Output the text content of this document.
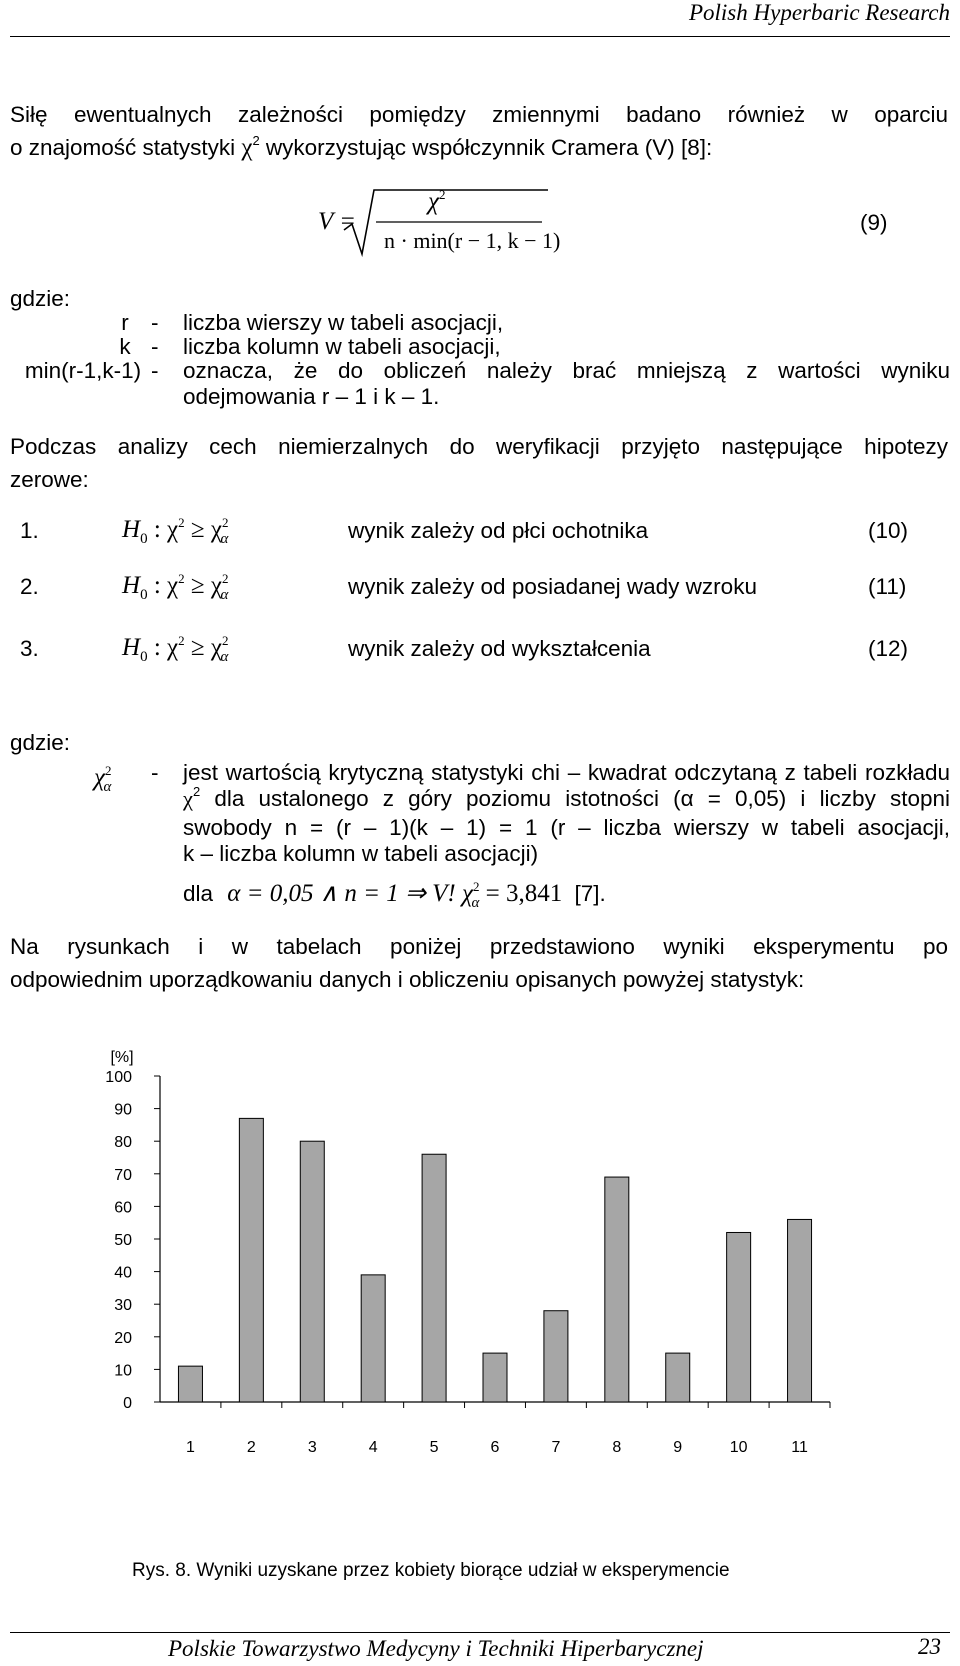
Polish Hyperbaric Research
Siłę ewentualnych zależności pomiędzy zmiennymi badano również w oparciu
o znajomość statystyki $\chi^2$ wykorzystując współczynnik Cramera (V) [8]:
V =
$\chi^2$
n · min(r − 1, k − 1)
(9)
gdzie:
r - liczba wierszy w tabeli asocjacji,
k - liczba kolumn w tabeli asocjacji,
min(r-1,k-1) - oznacza, że do obliczeń należy brać mniejszą z wartości wyniku
odejmowania r – 1 i k – 1.
Podczas analizy cech niemierzalnych do weryfikacji przyjęto następujące hipotezy
zerowe:
1.	$H_0$ : $\chi^2 \ge \chi^2_\alpha$	wynik zależy od płci ochotnika	(10)
2.	$H_0$ : $\chi^2 \ge \chi^2_\alpha$	wynik zależy od posiadanej wady wzroku	(11)
3.	$H_0$ : $\chi^2 \ge \chi^2_\alpha$	wynik zależy od wykształcenia	(12)
gdzie:
$\chi^2_\alpha$
- jest wartością krytyczną statystyki chi – kwadrat odczytaną z tabeli rozkładu
$\chi^2$ dla ustalonego z góry poziomu istotności (α = 0,05) i liczby stopni
swobody n = (r – 1)(k – 1) = 1 (r – liczba wierszy w tabeli asocjacji,
k – liczba kolumn w tabeli asocjacji)
dla α = 0,05 ∧ n = 1 ⇒ V! $\chi^2_\alpha = 3,841$ [7].
Na rysunkach i w tabelach poniżej przedstawiono wyniki eksperymentu po
odpowiednim uporządkowaniu danych i obliczeniu opisanych powyżej statystyk:
[%]
0
10
20
30
40
50
60
70
80
90
100
1	2	3	4	5	6	7	8	9	10	11
Rys. 8. Wyniki uzyskane przez kobiety biorące udział w eksperymencie
Polskie Towarzystwo Medycyny i Techniki Hiperbarycznej	23
